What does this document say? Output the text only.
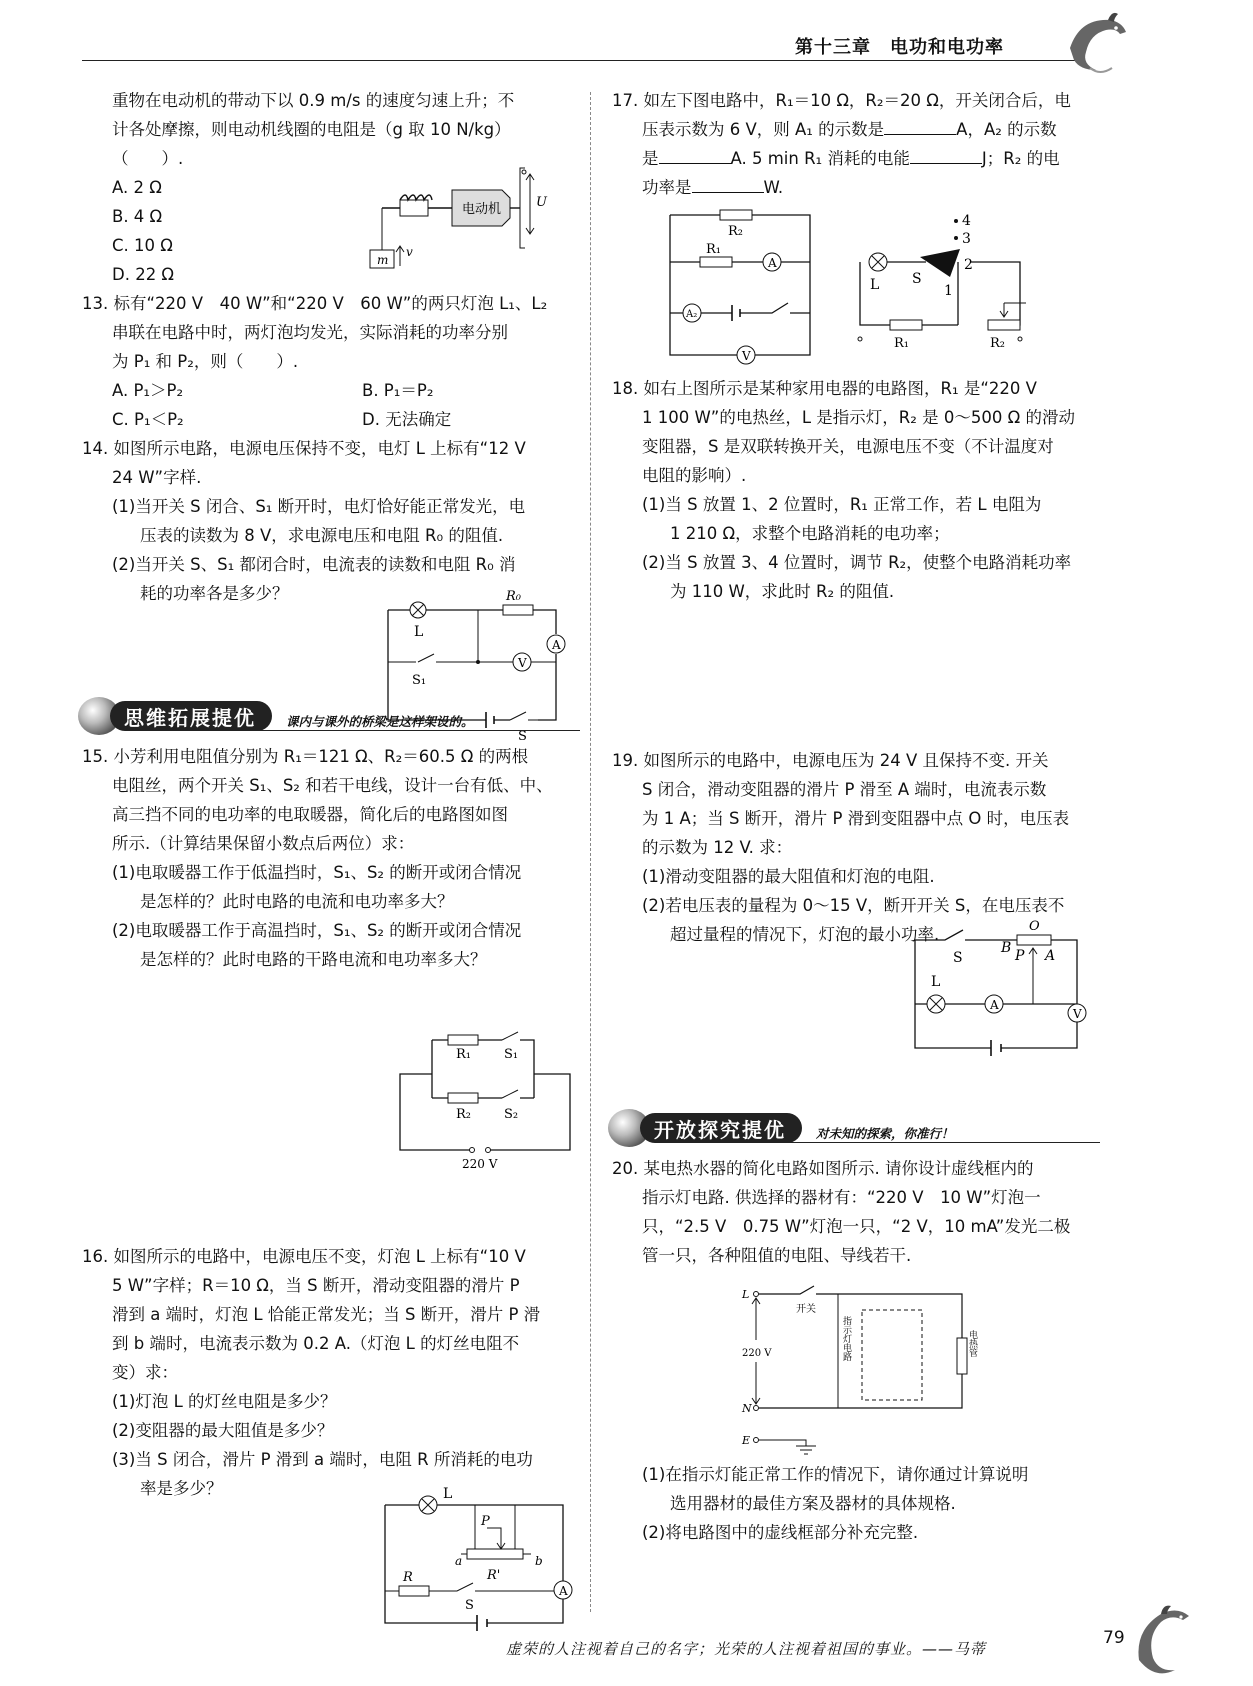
第十三章　电功和电功率

重物在电动机的带动下以 0.9 m/s 的速度匀速上升；不

计各处摩擦，则电动机线圈的电阻是（g 取 10 N/kg）

（　　）.

A. 2 Ω

B. 4 Ω

C. 10 Ω

D. 22 Ω

电动机	U
m
v

13. 标有“220 V　40 W”和“220 V　60 W”的两只灯泡 L₁、L₂

串联在电路中时，两灯泡均发光，实际消耗的功率分别

为 P₁ 和 P₂，则（　　）.

A. P₁＞P₂	B. P₁＝P₂

C. P₁＜P₂	D. 无法确定

14. 如图所示电路，电源电压保持不变，电灯 L 上标有“12 V

24 W”字样.

(1)当开关 S 闭合、S₁ 断开时，电灯恰好能正常发光，电

压表的读数为 8 V，求电源电压和电阻 R₀ 的阻值.

(2)当开关 S、S₁ 都闭合时，电流表的读数和电阻 R₀ 消

耗的功率各是多少？

L
R₀
A
V
S₁
S
思维拓展提优	课内与课外的桥梁是这样架设的。

15. 小芳利用电阻值分别为 R₁＝121 Ω、R₂＝60.5 Ω 的两根

电阻丝，两个开关 S₁、S₂ 和若干电线，设计一台有低、中、

高三挡不同的电功率的电取暖器，简化后的电路图如图

所示.（计算结果保留小数点后两位）求：

(1)电取暖器工作于低温挡时，S₁、S₂ 的断开或闭合情况

是怎样的？此时电路的电流和电功率多大？

(2)电取暖器工作于高温挡时，S₁、S₂ 的断开或闭合情况

是怎样的？此时电路的干路电流和电功率多大？

R₁	S₁
R₂	S₂
220 V

16. 如图所示的电路中，电源电压不变，灯泡 L 上标有“10 V

5 W”字样；R＝10 Ω，当 S 断开，滑动变阻器的滑片 P

滑到 a 端时，灯泡 L 恰能正常发光；当 S 断开，滑片 P 滑

到 b 端时，电流表示数为 0.2 A.（灯泡 L 的灯丝电阻不

变）求：

(1)灯泡 L 的灯丝电阻是多少？

(2)变阻器的最大阻值是多少？

(3)当 S 闭合，滑片 P 滑到 a 端时，电阻 R 所消耗的电功

率是多少？	L
P
a	b
R'
R
S
A

17. 如左下图电路中，R₁＝10 Ω，R₂＝20 Ω，开关闭合后，电

压表示数为 6 V，则 A₁ 的示数是	A，A₂ 的示数

是	A. 5 min R₁ 消耗的电能	J；R₂ 的电

功率是	W.

R₂
R₁
A
A₂
V
4
3
L S
2
1
R₁	R₂

18. 如右上图所示是某种家用电器的电路图，R₁ 是“220 V

1 100 W”的电热丝，L 是指示灯，R₂ 是 0～500 Ω 的滑动

变阻器，S 是双联转换开关，电源电压不变（不计温度对

电阻的影响）.

(1)当 S 放置 1、2 位置时，R₁ 正常工作，若 L 电阻为

1 210 Ω，求整个电路消耗的电功率；

(2)当 S 放置 3、4 位置时，调节 R₂，使整个电路消耗功率

为 110 W，求此时 R₂ 的阻值.

19. 如图所示的电路中，电源电压为 24 V 且保持不变. 开关

S 闭合，滑动变阻器的滑片 P 滑至 A 端时，电流表示数

为 1 A；当 S 断开，滑片 P 滑到变阻器中点 O 时，电压表

的示数为 12 V. 求：

(1)滑动变阻器的最大阻值和灯泡的电阻.

(2)若电压表的量程为 0～15 V，断开开关 S，在电压表不

超过量程的情况下，灯泡的最小功率.	O
S
B P A
L
A
V
开放探究提优	对未知的探索，你准行！

20. 某电热水器的简化电路如图所示. 请你设计虚线框内的

指示灯电路. 供选择的器材有：“220 V　10 W”灯泡一

只，“2.5 V　0.75 W”灯泡一只，“2 V，10 mA”发光二极

管一只，各种阻值的电阻、导线若干.

L
开关
220 V	指示灯电路	电热管
N
E

(1)在指示灯能正常工作的情况下，请你通过计算说明

选用器材的最佳方案及器材的具体规格.

(2)将电路图中的虚线框部分补充完整.

虚荣的人注视着自己的名字；光荣的人注视着祖国的事业。——马蒂
79
